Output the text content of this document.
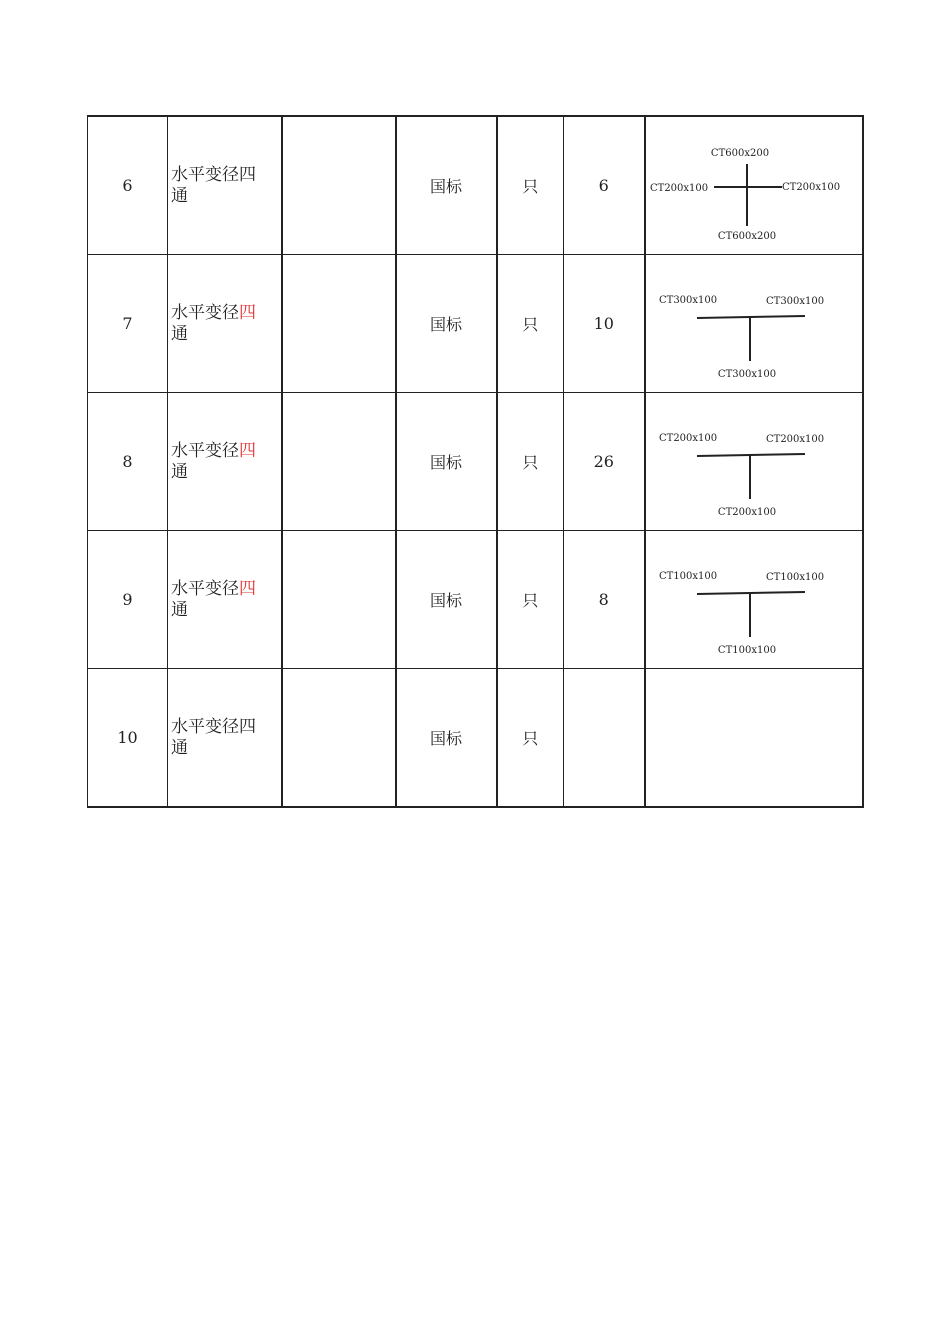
6	水平变径四
通		国标	只	6	CT600x200
CT200x100 CT200x100
CT600x200

7	水平变径四
通		国标	只	10	CT300x100 CT300x100
CT300x100

8	水平变径四
通		国标	只	26	CT200x100 CT200x100
CT200x100

9	水平变径四
通		国标	只	8	CT100x100 CT100x100
CT100x100

10	水平变径四
通		国标	只		
